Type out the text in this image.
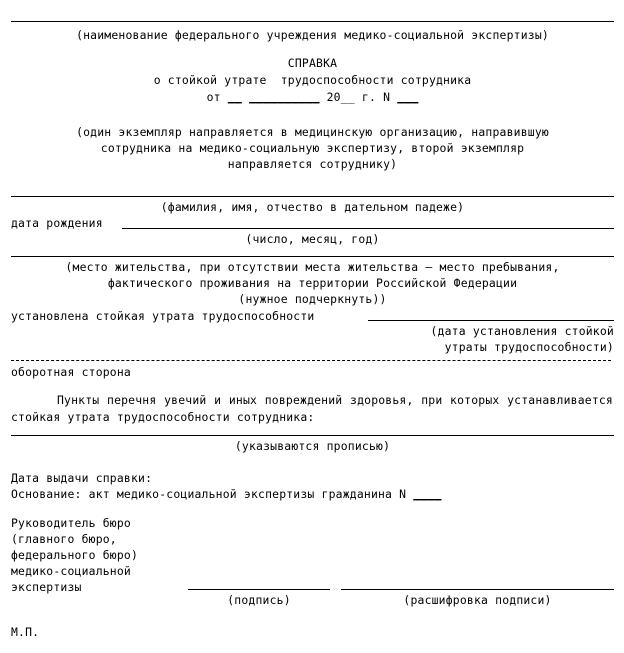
(наименование федерального учреждения медико-социальной экспертизы)
СПРАВКА
о стойкой утрате  трудоспособности сотрудника
от __ __________ 20__ г. N ___
(один экземпляр направляется в медицинскую организацию, направившую
сотрудника на медико-социальную экспертизу, второй экземпляр
направляется сотруднику)
(фамилия, имя, отчество в дательном падеже)
дата рождения
(число, месяц, год)
(место жительства, при отсутствии места жительства – место пребывания,
фактического проживания на территории Российской Федерации
(нужное подчеркнуть))
установлена стойкая утрата трудоспособности
(дата установления стойкой
утраты трудоспособности)
оборотная сторона
Пункты перечня увечий и иных повреждений здоровья, при которых устанавливается стойкая утрата трудоспособности сотрудника:
(указываются прописью)
Дата выдачи справки:
Основание: акт медико-социальной экспертизы гражданина N ____
Руководитель бюро
(главного бюро,
федерального бюро)
медико-социальной
экспертизы
(подпись)	(расшифровка подписи)
М.П.
